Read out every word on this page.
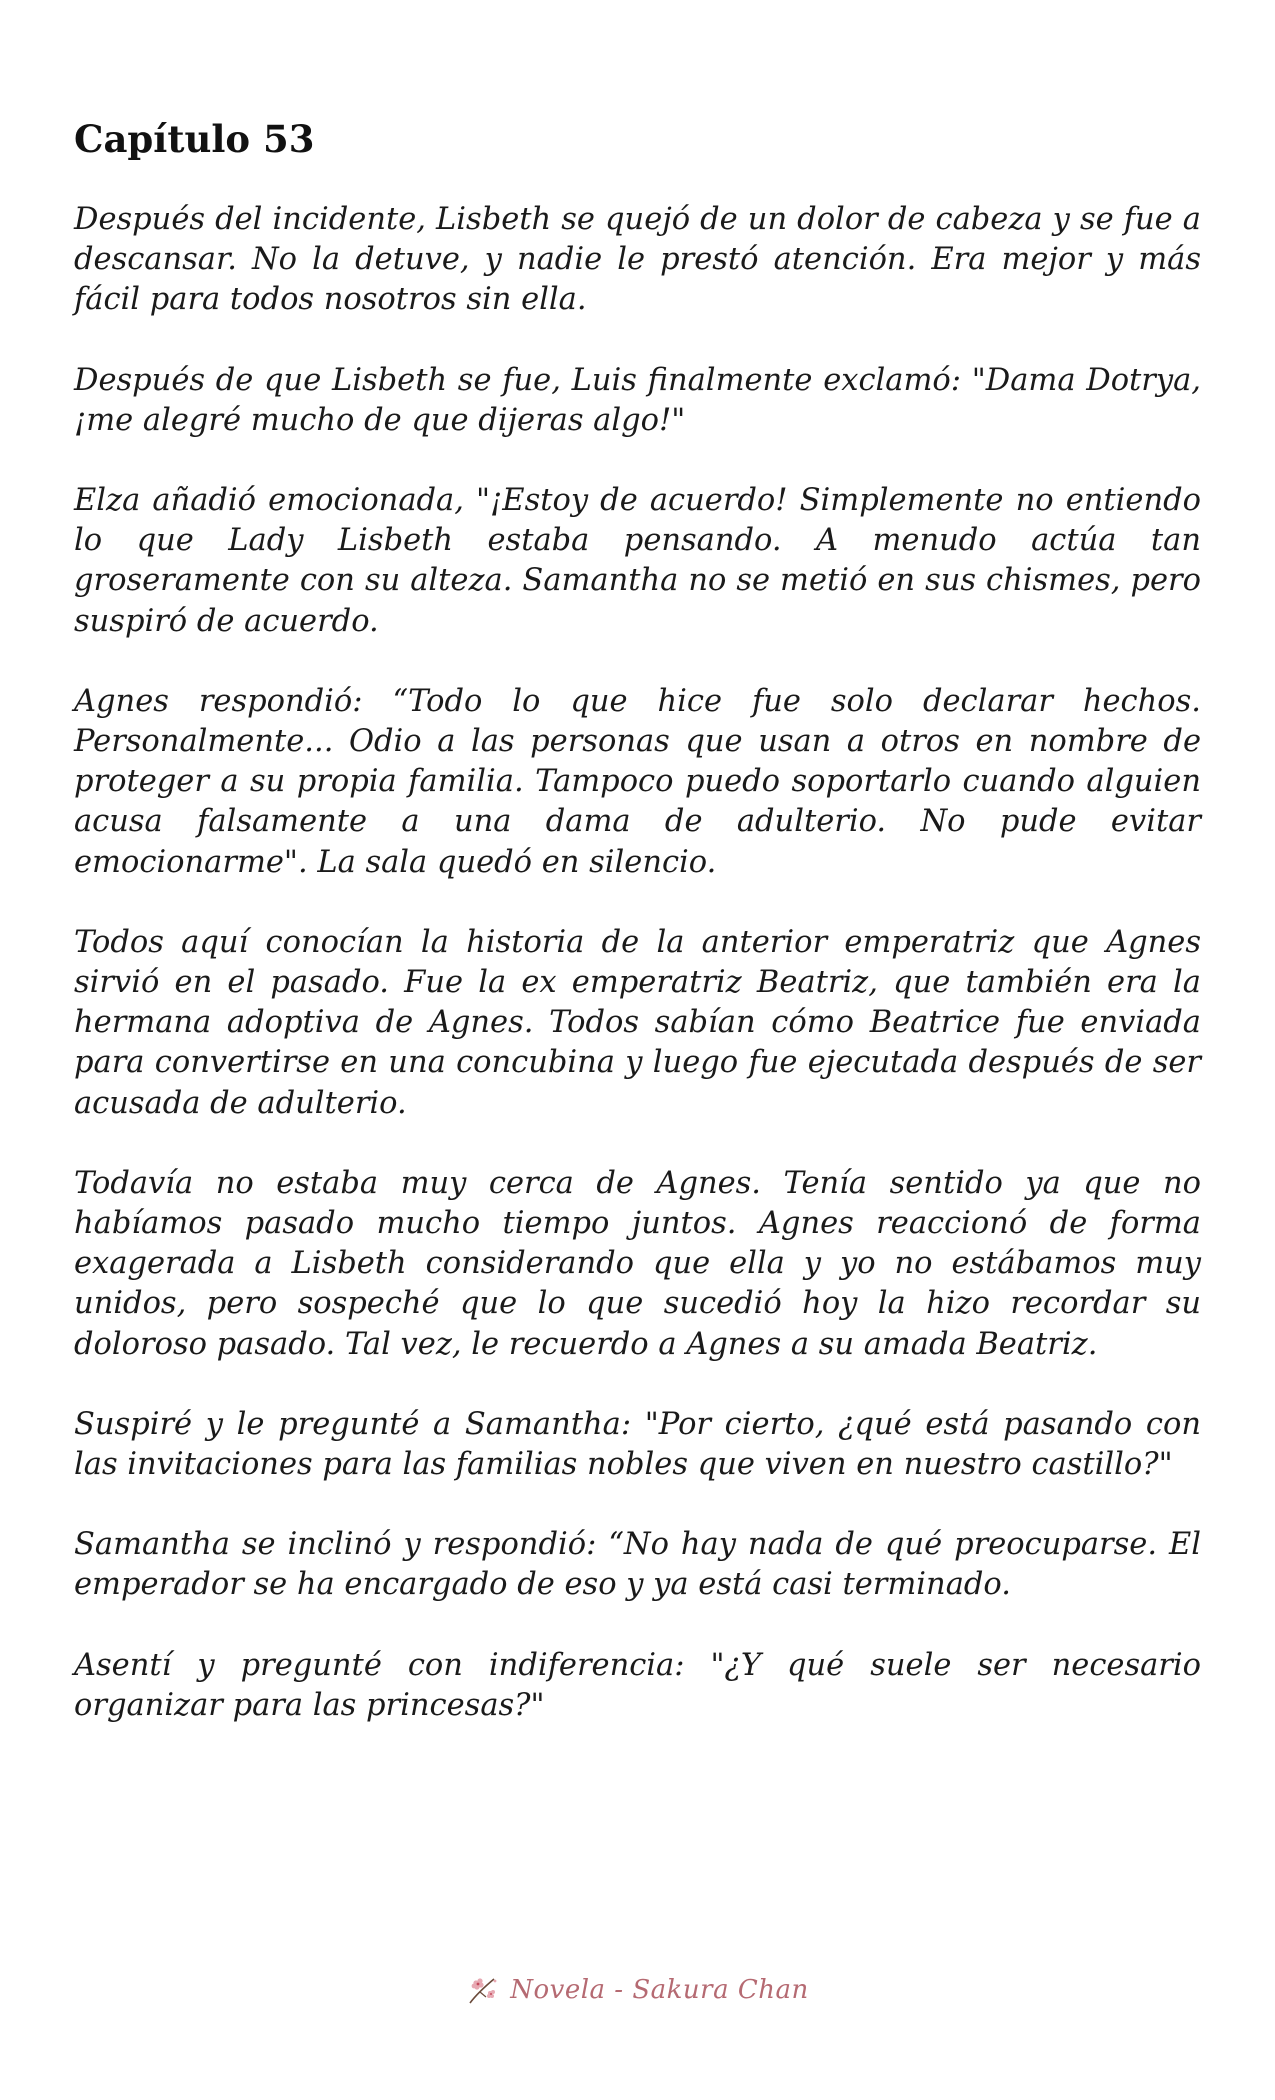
Capítulo 53

Después del incidente, Lisbeth se quejó de un dolor de cabeza y se fue a descansar. No la detuve, y nadie le prestó atención. Era mejor y más fácil para todos nosotros sin ella.

Después de que Lisbeth se fue, Luis finalmente exclamó: "Dama Dotrya, ¡me alegré mucho de que dijeras algo!"

Elza añadió emocionada, "¡Estoy de acuerdo! Simplemente no entiendo lo que Lady Lisbeth estaba pensando. A menudo actúa tan groseramente con su alteza. Samantha no se metió en sus chismes, pero suspiró de acuerdo.

Agnes respondió: “Todo lo que hice fue solo declarar hechos. Personalmente... Odio a las personas que usan a otros en nombre de proteger a su propia familia. Tampoco puedo soportarlo cuando alguien acusa falsamente a una dama de adulterio. No pude evitar emocionarme". La sala quedó en silencio.

Todos aquí conocían la historia de la anterior emperatriz que Agnes sirvió en el pasado. Fue la ex emperatriz Beatriz, que también era la hermana adoptiva de Agnes. Todos sabían cómo Beatrice fue enviada para convertirse en una concubina y luego fue ejecutada después de ser acusada de adulterio.

Todavía no estaba muy cerca de Agnes. Tenía sentido ya que no habíamos pasado mucho tiempo juntos. Agnes reaccionó de forma exagerada a Lisbeth considerando que ella y yo no estábamos muy unidos, pero sospeché que lo que sucedió hoy la hizo recordar su doloroso pasado. Tal vez, le recuerdo a Agnes a su amada Beatriz.

Suspiré y le pregunté a Samantha: "Por cierto, ¿qué está pasando con las invitaciones para las familias nobles que viven en nuestro castillo?"

Samantha se inclinó y respondió: “No hay nada de qué preocuparse. El emperador se ha encargado de eso y ya está casi terminado.

Asentí y pregunté con indiferencia: "¿Y qué suele ser necesario organizar para las princesas?"

Novela - Sakura Chan
